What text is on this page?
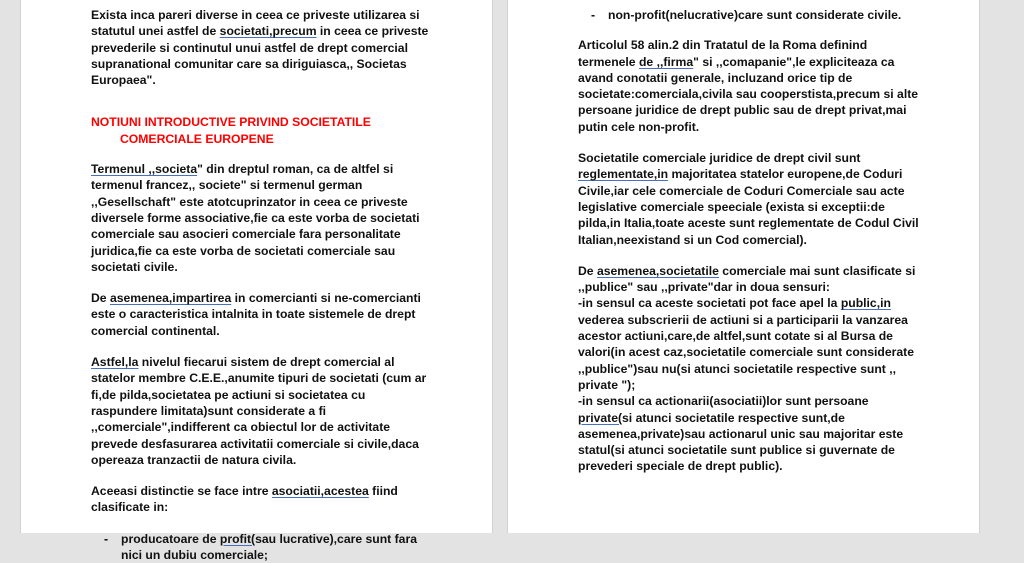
Exista inca pareri diverse in ceea ce priveste utilizarea si
statutul unei astfel de societati,precum in ceea ce priveste
prevederile si continutul unui astfel de drept comercial
supranational comunitar care sa diriguiasca,, Societas
Europaea".
NOTIUNI INTRODUCTIVE PRIVIND SOCIETATILE
COMERCIALE EUROPENE
Termenul ,,societa" din dreptul roman, ca de altfel si
termenul francez,, societe" si termenul german
,,Gesellschaft" este atotcuprinzator in ceea ce priveste
diversele forme associative,fie ca este vorba de societati
comerciale sau asocieri comerciale fara personalitate
juridica,fie ca este vorba de societati comerciale sau
societati civile.
De asemenea,impartirea in comercianti si ne-comercianti
este o caracteristica intalnita in toate sistemele de drept
comercial continental.
Astfel,la nivelul fiecarui sistem de drept comercial al
statelor membre C.E.E.,anumite tipuri de societati (cum ar
fi,de pilda,societatea pe actiuni si societatea cu
raspundere limitata)sunt considerate a fi
,,comerciale",indifferent ca obiectul lor de activitate
prevede desfasurarea activitatii comerciale si civile,daca
opereaza tranzactii de natura civila.
Aceeasi distinctie se face intre asociatii,acestea fiind
clasificate in:
- producatoare de profit(sau lucrative),care sunt fara
nici un dubiu comerciale;
- non-profit(nelucrative)care sunt considerate civile.
Articolul 58 alin.2 din Tratatul de la Roma definind
termenele de ,,firma" si ,,comapanie",le expliciteaza ca
avand conotatii generale, incluzand orice tip de
societate:comerciala,civila sau cooperstista,precum si alte
persoane juridice de drept public sau de drept privat,mai
putin cele non-profit.
Societatile comerciale juridice de drept civil sunt
reglementate,in majoritatea statelor europene,de Coduri
Civile,iar cele comerciale de Coduri Comerciale sau acte
legislative comerciale speeciale (exista si exceptii:de
pilda,in Italia,toate aceste sunt reglementate de Codul Civil
Italian,neexistand si un Cod comercial).
De asemenea,societatile comerciale mai sunt clasificate si
,,publice" sau ,,private"dar in doua sensuri:
-in sensul ca aceste societati pot face apel la public,in
vederea subscrierii de actiuni si a participarii la vanzarea
acestor actiuni,care,de altfel,sunt cotate si al Bursa de
valori(in acest caz,societatile comerciale sunt considerate
,,publice")sau nu(si atunci societatile respective sunt ,,
private ");
-in sensul ca actionarii(asociatii)lor sunt persoane
private(si atunci societatile respective sunt,de
asemenea,private)sau actionarul unic sau majoritar este
statul(si atunci societatile sunt publice si guvernate de
prevederi speciale de drept public).
